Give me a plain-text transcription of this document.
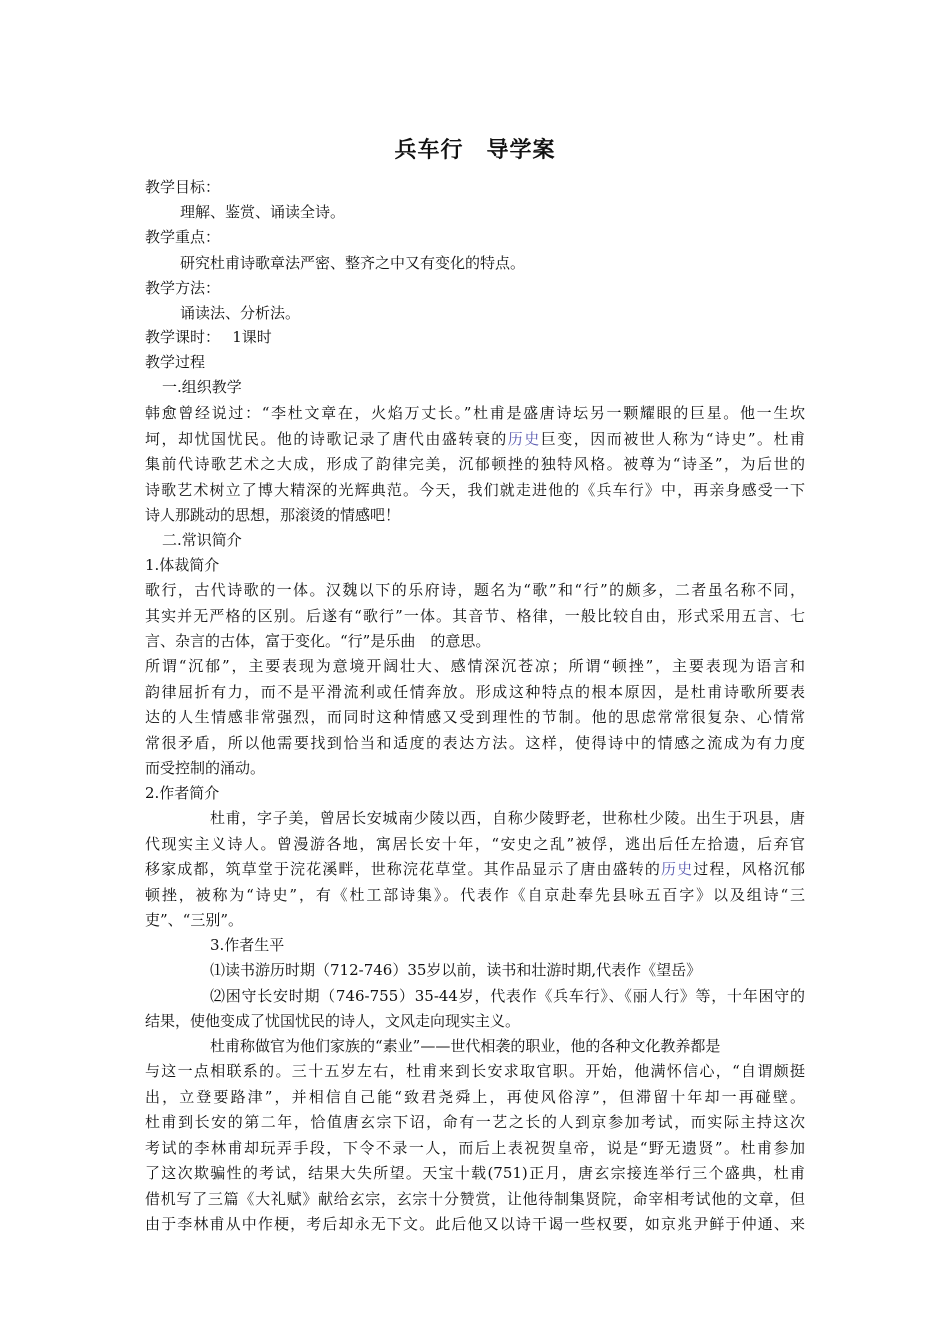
兵车行　导学案
教学目标：
理解、鉴赏、诵读全诗。
教学重点：
研究杜甫诗歌章法严密、整齐之中又有变化的特点。
教学方法：
诵读法、分析法。
教学课时：　 1课时
教学过程
一.组织教学
韩愈曾经说过：“李杜文章在，火焰万丈长。”杜甫是盛唐诗坛另一颗耀眼的巨星。他一生坎
坷，却忧国忧民。他的诗歌记录了唐代由盛转衰的历史巨变，因而被世人称为“诗史”。杜甫
集前代诗歌艺术之大成，形成了韵律完美，沉郁顿挫的独特风格。被尊为“诗圣”，为后世的
诗歌艺术树立了博大精深的光辉典范。今天，我们就走进他的《兵车行》中，再亲身感受一下
诗人那跳动的思想，那滚烫的情感吧！
二.常识简介
1.体裁简介
歌行，古代诗歌的一体。汉魏以下的乐府诗，题名为“歌”和“行”的颇多，二者虽名称不同，
其实并无严格的区别。后遂有“歌行”一体。其音节、格律，一般比较自由，形式采用五言、七
言、杂言的古体，富于变化。“行”是乐曲　的意思。
所谓“沉郁”，主要表现为意境开阔壮大、感情深沉苍凉；所谓“顿挫”，主要表现为语言和
韵律屈折有力，而不是平滑流利或任情奔放。形成这种特点的根本原因，是杜甫诗歌所要表
达的人生情感非常强烈，而同时这种情感又受到理性的节制。他的思虑常常很复杂、心情常
常很矛盾，所以他需要找到恰当和适度的表达方法。这样，使得诗中的情感之流成为有力度
而受控制的涌动。
2.作者简介
杜甫，字子美，曾居长安城南少陵以西，自称少陵野老，世称杜少陵。出生于巩县，唐
代现实主义诗人。曾漫游各地，寓居长安十年，“安史之乱”被俘，逃出后任左拾遗，后弃官
移家成都，筑草堂于浣花溪畔，世称浣花草堂。其作品显示了唐由盛转的历史过程，风格沉郁
顿挫，被称为“诗史”，有《杜工部诗集》。代表作《自京赴奉先县咏五百字》以及组诗“三
吏”、“三别”。
3.作者生平
⑴读书游历时期（712-746）35岁以前，读书和壮游时期,代表作《望岳》
⑵困守长安时期（746-755）35-44岁，代表作《兵车行》、《丽人行》等，十年困守的
结果，使他变成了忧国忧民的诗人，文风走向现实主义。
杜甫称做官为他们家族的“素业”——世代相袭的职业，他的各种文化教养都是
与这一点相联系的。三十五岁左右，杜甫来到长安求取官职。开始，他满怀信心，“自谓颇挺
出，立登要路津”，并相信自己能“致君尧舜上，再使风俗淳”，但滞留十年却一再碰壁。
杜甫到长安的第二年，恰值唐玄宗下诏，命有一艺之长的人到京参加考试，而实际主持这次
考试的李林甫却玩弄手段，下令不录一人，而后上表祝贺皇帝，说是“野无遗贤”。杜甫参加
了这次欺骗性的考试，结果大失所望。天宝十载(751)正月，唐玄宗接连举行三个盛典，杜甫
借机写了三篇《大礼赋》献给玄宗，玄宗十分赞赏，让他待制集贤院，命宰相考试他的文章，但
由于李林甫从中作梗，考后却永无下文。此后他又以诗干谒一些权要，如京兆尹鲜于仲通、来
